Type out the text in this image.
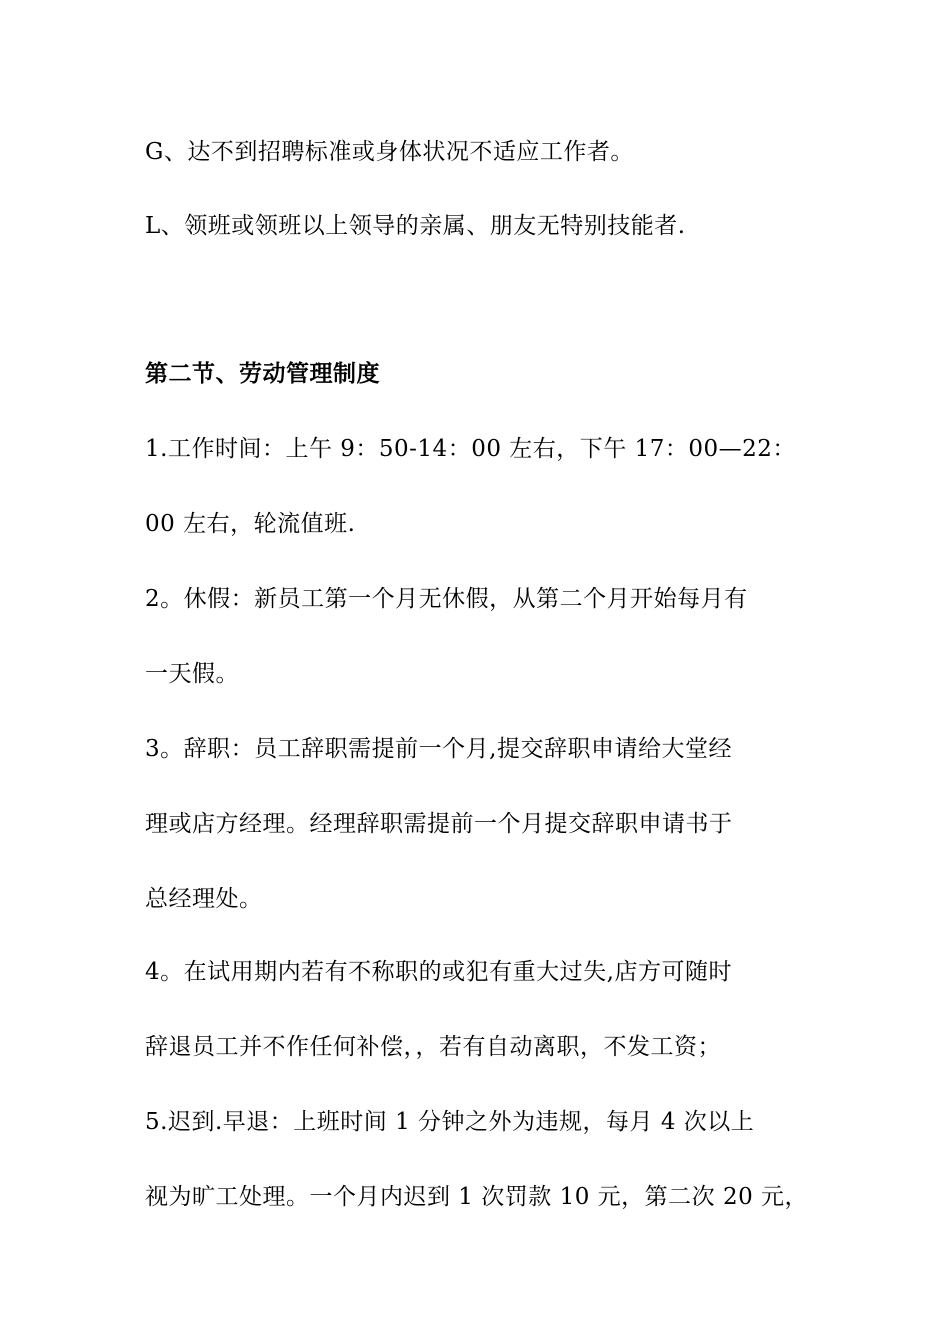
G、达不到招聘标准或身体状况不适应工作者。
L、领班或领班以上领导的亲属、朋友无特别技能者.
第二节、劳动管理制度
1.工作时间：上午 9：50-14：00 左右，下午 17：00—22：
00 左右，轮流值班.
2。休假：新员工第一个月无休假，从第二个月开始每月有
一天假。
3。辞职：员工辞职需提前一个月,提交辞职申请给大堂经
理或店方经理。经理辞职需提前一个月提交辞职申请书于
总经理处。
4。在试用期内若有不称职的或犯有重大过失,店方可随时
辞退员工并不作任何补偿，，若有自动离职，不发工资；
5.迟到.早退：上班时间 1 分钟之外为违规，每月 4 次以上
视为旷工处理。一个月内迟到 1 次罚款 10 元，第二次 20 元，
